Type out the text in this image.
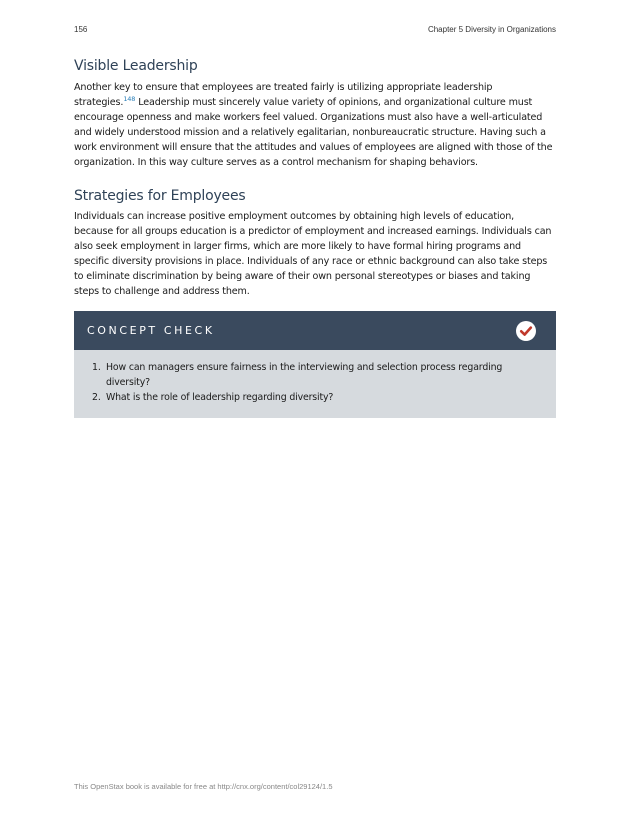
156	Chapter 5 Diversity in Organizations
Visible Leadership

Another key to ensure that employees are treated fairly is utilizing appropriate leadership strategies.$^{148}$ Leadership must sincerely value variety of opinions, and organizational culture must encourage openness and make workers feel valued. Organizations must also have a well-articulated and widely understood mission and a relatively egalitarian, nonbureaucratic structure. Having such a work environment will ensure that the attitudes and values of employees are aligned with those of the organization. In this way culture serves as a control mechanism for shaping behaviors.

Strategies for Employees

Individuals can increase positive employment outcomes by obtaining high levels of education, because for all groups education is a predictor of employment and increased earnings. Individuals can also seek employment in larger firms, which are more likely to have formal hiring programs and specific diversity provisions in place. Individuals of any race or ethnic background can also take steps to eliminate discrimination by being aware of their own personal stereotypes or biases and taking steps to challenge and address them.

CONCEPT CHECK
1. How can managers ensure fairness in the interviewing and selection process regarding diversity?
2. What is the role of leadership regarding diversity?
This OpenStax book is available for free at http://cnx.org/content/col29124/1.5
